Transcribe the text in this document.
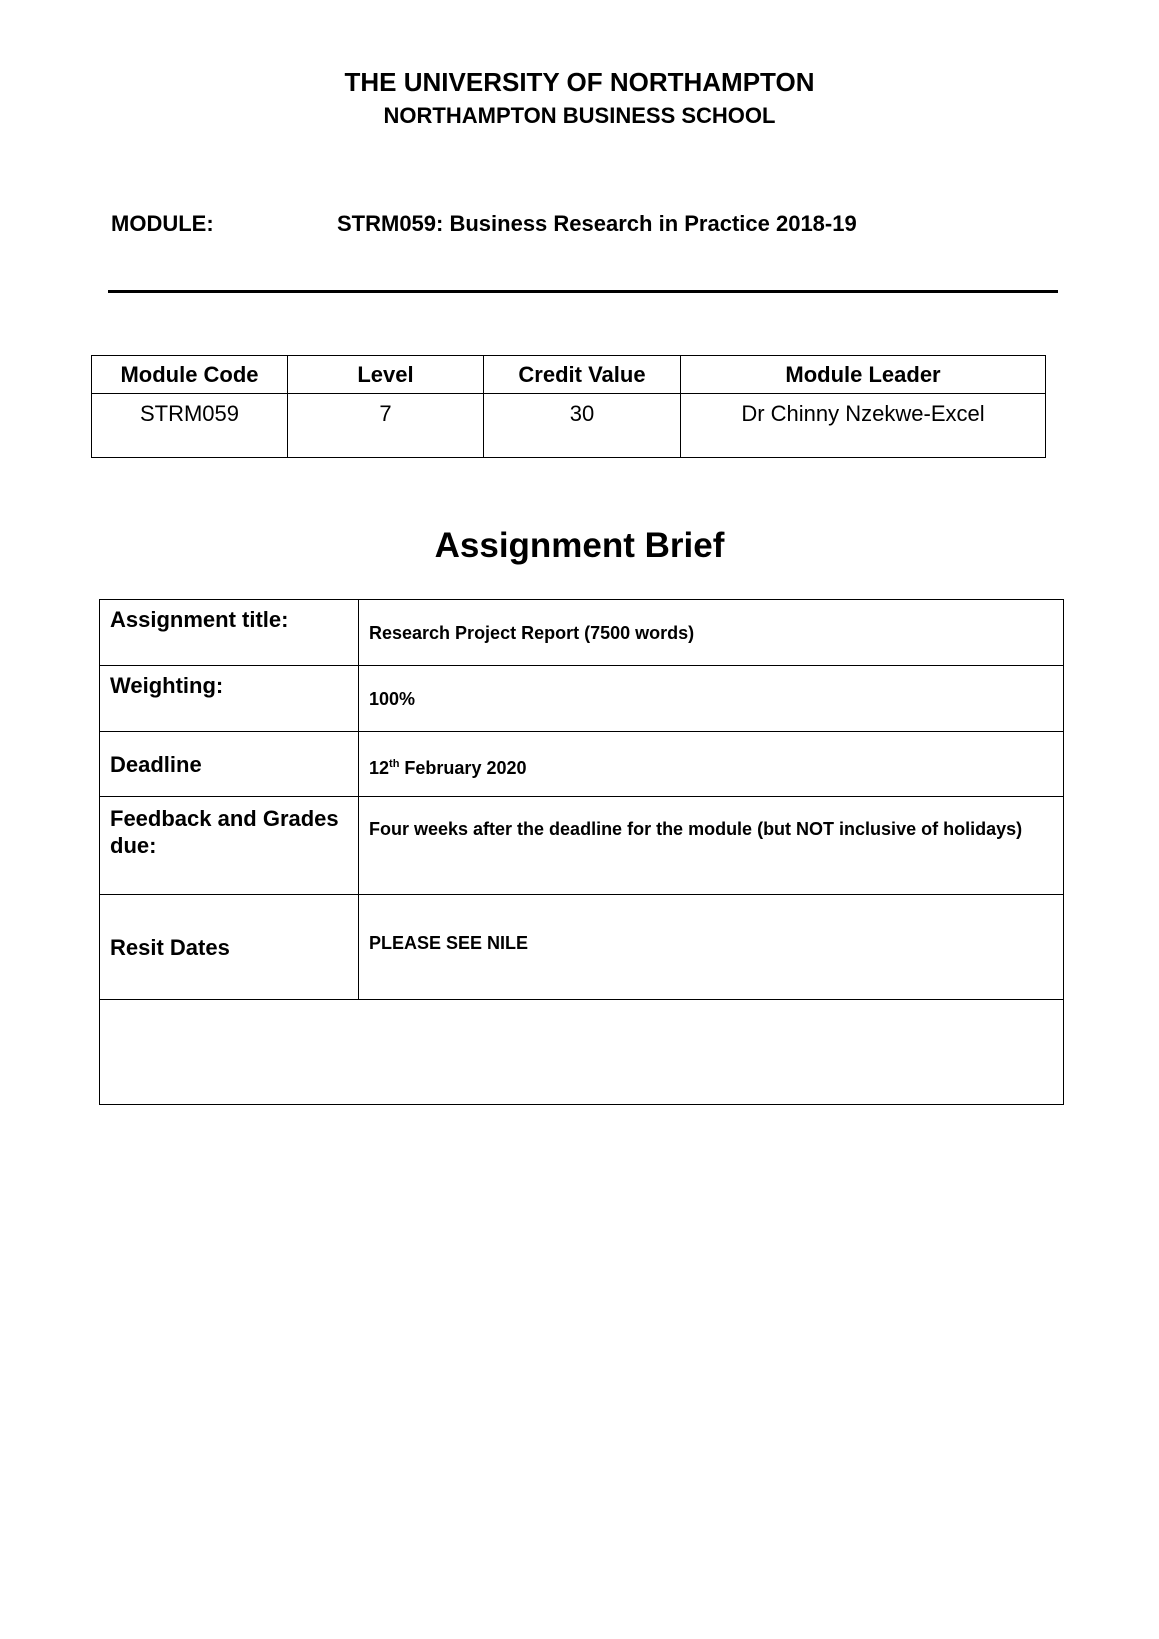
THE UNIVERSITY OF NORTHAMPTON
NORTHAMPTON BUSINESS SCHOOL
MODULE:	STRM059: Business Research in Practice 2018-19
Module Code	Level	Credit Value	Module Leader
STRM059	7	30	Dr Chinny Nzekwe-Excel
Assignment Brief
Assignment title:	Research Project Report (7500 words)
Weighting:	100%
Deadline	12th February 2020
Feedback and Grades due:	Four weeks after the deadline for the module (but NOT inclusive of holidays)
Resit Dates	PLEASE SEE NILE
